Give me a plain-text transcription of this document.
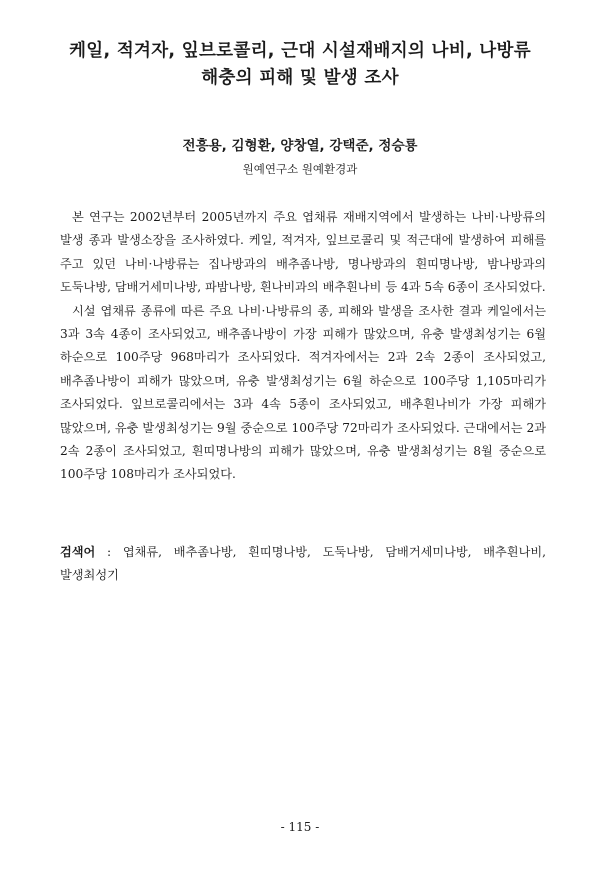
케일, 적겨자, 잎브로콜리, 근대 시설재배지의 나비, 나방류
해충의 피해 및 발생 조사
전흥용, 김형환, 양창열, 강택준, 정승룡
원예연구소 원예환경과

본 연구는 2002년부터 2005년까지 주요 엽채류 재배지역에서 발생하는 나비·나방류의 발생 종과 발생소장을 조사하였다. 케일, 적겨자, 잎브로콜리 및 적근대에 발생하여 피해를 주고 있던 나비·나방류는 집나방과의 배추좀나방, 명나방과의 흰띠명나방, 밤나방과의 도둑나방, 담배거세미나방, 파밤나방, 흰나비과의 배추흰나비 등 4과 5속 6종이 조사되었다.

시설 엽채류 종류에 따른 주요 나비·나방류의 종, 피해와 발생을 조사한 결과 케일에서는 3과 3속 4종이 조사되었고, 배추좀나방이 가장 피해가 많았으며, 유충 발생최성기는 6월 하순으로 100주당 968마리가 조사되었다. 적겨자에서는 2과 2속 2종이 조사되었고, 배추좀나방이 피해가 많았으며, 유충 발생최성기는 6월 하순으로 100주당 1,105마리가 조사되었다. 잎브로콜리에서는 3과 4속 5종이 조사되었고, 배추흰나비가 가장 피해가 많았으며, 유충 발생최성기는 9월 중순으로 100주당 72마리가 조사되었다. 근대에서는 2과 2속 2종이 조사되었고, 흰띠명나방의 피해가 많았으며, 유충 발생최성기는 8월 중순으로 100주당 108마리가 조사되었다.

검색어 : 엽채류, 배추좀나방, 흰띠명나방, 도둑나방, 담배거세미나방, 배추흰나비, 발생최성기
- 115 -
